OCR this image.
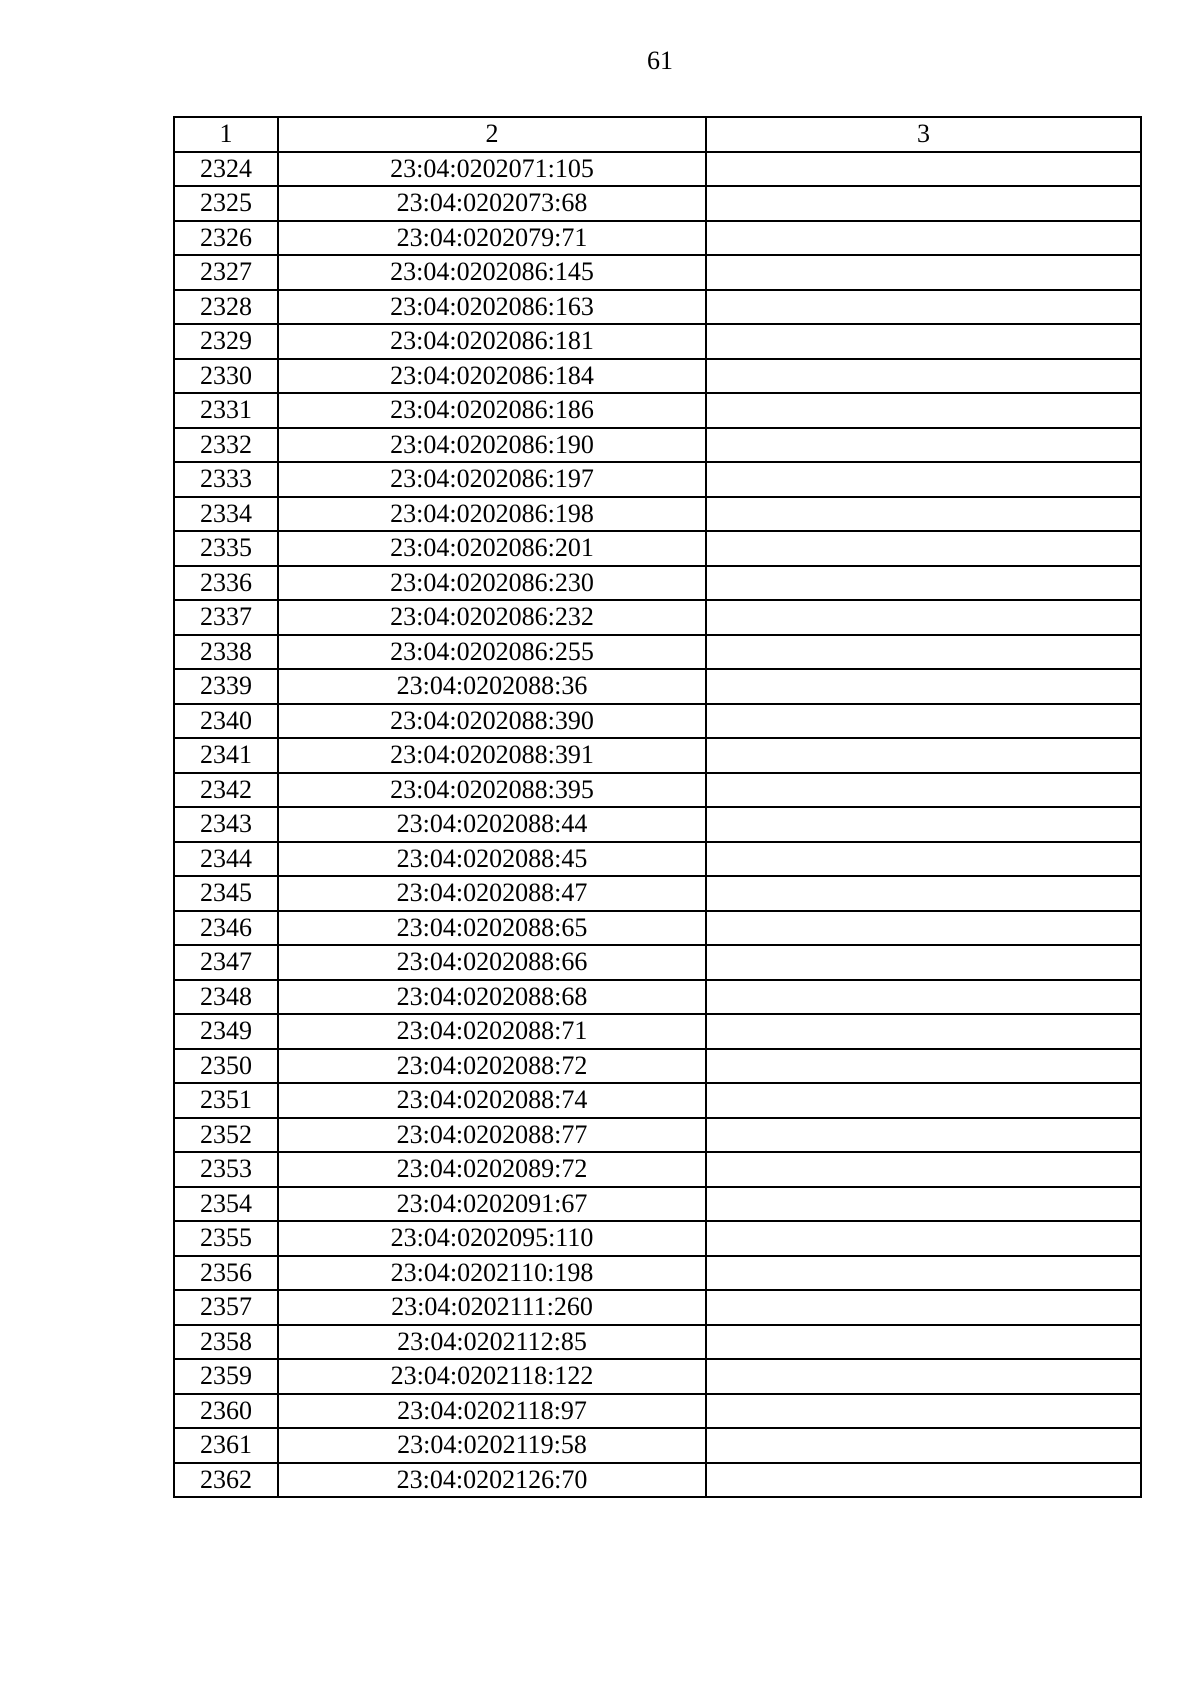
61
1	2	3
2324	23:04:0202071:105	
2325	23:04:0202073:68	
2326	23:04:0202079:71	
2327	23:04:0202086:145	
2328	23:04:0202086:163	
2329	23:04:0202086:181	
2330	23:04:0202086:184	
2331	23:04:0202086:186	
2332	23:04:0202086:190	
2333	23:04:0202086:197	
2334	23:04:0202086:198	
2335	23:04:0202086:201	
2336	23:04:0202086:230	
2337	23:04:0202086:232	
2338	23:04:0202086:255	
2339	23:04:0202088:36	
2340	23:04:0202088:390	
2341	23:04:0202088:391	
2342	23:04:0202088:395	
2343	23:04:0202088:44	
2344	23:04:0202088:45	
2345	23:04:0202088:47	
2346	23:04:0202088:65	
2347	23:04:0202088:66	
2348	23:04:0202088:68	
2349	23:04:0202088:71	
2350	23:04:0202088:72	
2351	23:04:0202088:74	
2352	23:04:0202088:77	
2353	23:04:0202089:72	
2354	23:04:0202091:67	
2355	23:04:0202095:110	
2356	23:04:0202110:198	
2357	23:04:0202111:260	
2358	23:04:0202112:85	
2359	23:04:0202118:122	
2360	23:04:0202118:97	
2361	23:04:0202119:58	
2362	23:04:0202126:70	
